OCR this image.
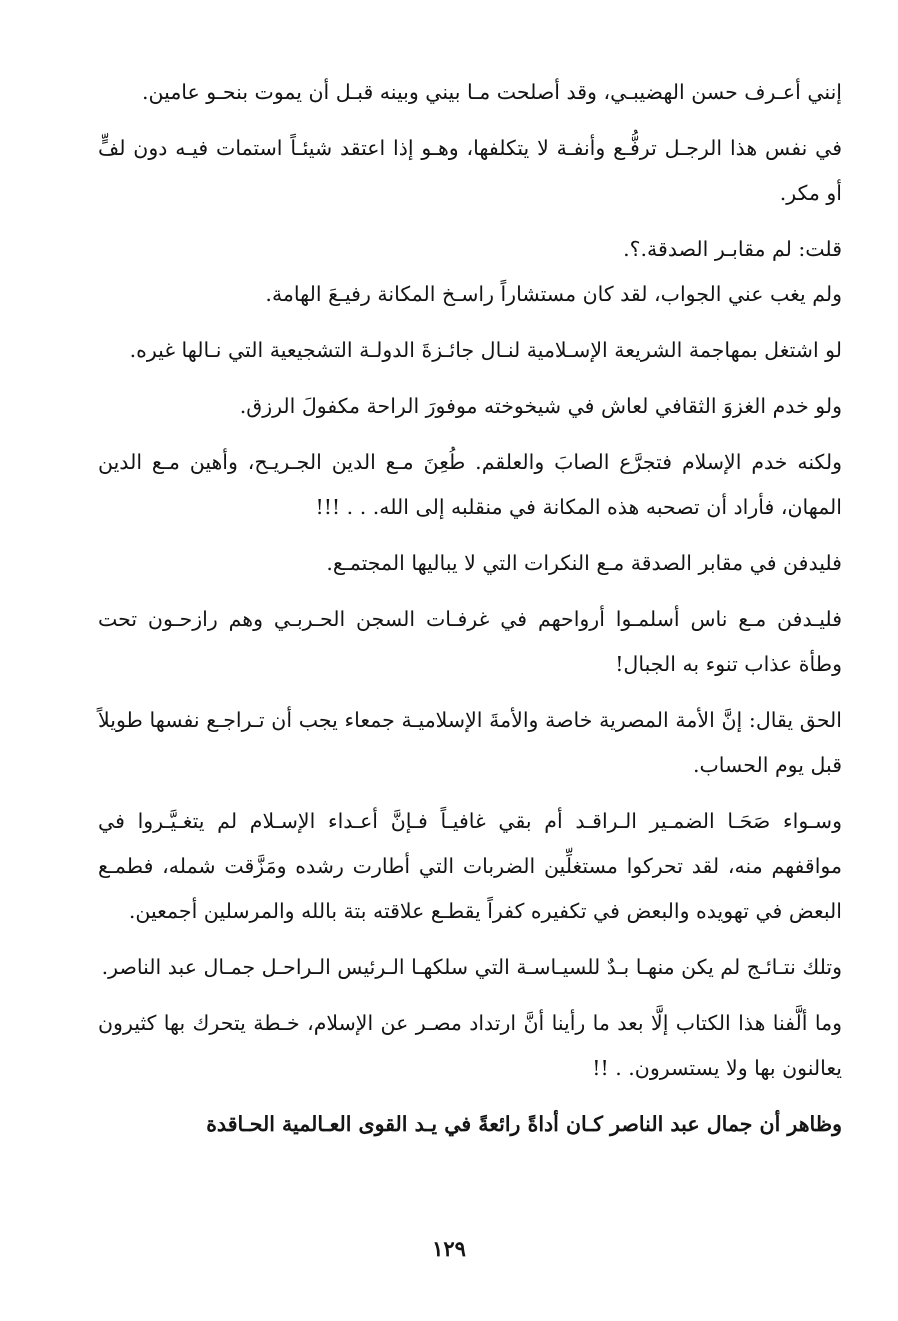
إنني أعـرف حسن الهضيبـي، وقد أصلحت مـا بيني وبينه قبـل أن يموت بنحـو عامين.

في نفس هذا الرجـل ترفُّـع وأنفـة لا يتكلفها، وهـو إذا اعتقد شيئـاً استمات فيـه دون لفٍّ أو مكر.

قلت: لم مقابـر الصدقة.؟.

ولم يغب عني الجواب، لقد كان مستشاراً راسـخ المكانة رفيـعَ الهامة.

لو اشتغل بمهاجمة الشريعة الإسـلامية لنـال جائـزةَ الدولـة التشجيعية التي نـالها غيره.

ولو خدم الغزوَ الثقافي لعاش في شيخوخته موفورَ الراحة مكفولَ الرزق.

ولكنه خدم الإسلام فتجرَّع الصابَ والعلقم. طُعِنَ مـع الدين الجـريـح، وأهين مـع الدين المهان، فأراد أن تصحبه هذه المكانة في منقلبه إلى الله. . . !!!

فليدفن في مقابر الصدقة مـع النكرات التي لا يباليها المجتمـع.

فليـدفن مـع ناس أسلمـوا أرواحهم في غرفـات السجن الحـربـي وهم رازحـون تحت وطأة عذاب تنوء به الجبال!

الحق يقال: إنَّ الأمة المصرية خاصة والأمةَ الإسلاميـة جمعاء يجب أن تـراجـع نفسها طويلاً قبل يوم الحساب.

وسـواء صَحَـا الضمـير الـراقـد أم بقي غافيـاً فـإنَّ أعـداء الإسـلام لم يتغـيَّـروا في مواقفهم منه، لقد تحركوا مستغلِّين الضربات التي أطارت رشده ومَزَّقت شمله، فطمـع البعض في تهويده والبعض في تكفيره كفراً يقطـع علاقته بتة بالله والمرسلين أجمعين.

وتلك نتـائـج لم يكن منهـا بـدٌ للسيـاسـة التي سلكهـا الـرئيس الـراحـل جمـال عبد الناصر.

وما ألَّفنا هذا الكتاب إلَّا بعد ما رأينا أنَّ ارتداد مصـر عن الإسلام، خـطة يتحرك بها كثيرون يعالنون بها ولا يستسرون. . !!

وظاهر أن جمال عبد الناصر كـان أداةً رائعةً في يـد القوى العـالمية الحـاقدة

١٢٩
